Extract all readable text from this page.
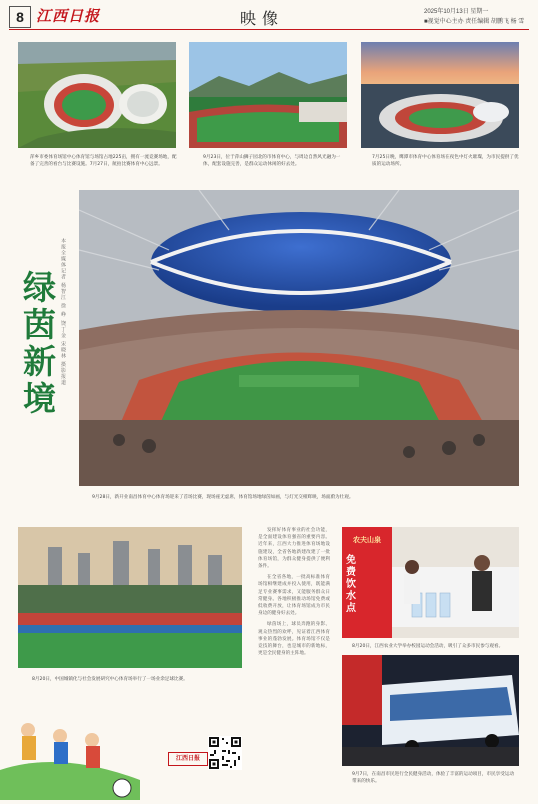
8 江西日报	映像	2025年10月13日 星期一
■视觉中心主办 责任编辑 胡鹏飞 杨 雪
萍乡市委体育场馆中心体育馆与场馆占地225亩，拥有一流竞赛场地，配备了完善的看台与比赛设施。7月27日，航拍比赛体育中心远景。
9月23日，位于萍山狮子园北的市体育中心，与周边自然风光融为一体，配套设施完善，是群众运动休闲的好去处。
7月25日晚，鹰潭市体育中心体育场在夜色中灯火璀璨，为市民提供了优质的运动场所。
绿茵新境 本报全媒体记者 杨智江 徐 峥 饶丁金 宋晓林 摄影报道
9月28日，新开业南昌体育中心体育场迎来了首场比赛，现场座无虚席，体育馆场地绿茵如画，与灯光交相辉映，场面蔚为壮观。
8月20日，中国城镇化与社会发展研究中心体育场举行了一场业余足球比赛。

发挥好体育事业的社会功能，是全面建设体育强省的重要内容。近年来，江西大力推进体育场地设施建设，全省各地新建改建了一批体育场馆，为群众健身提供了便利条件。

在全省各地，一批高标准体育场馆相继建成并投入使用，既能满足专业赛事需求，又能服务群众日常健身。各地积极推动场馆免费或低收费开放，让体育场馆成为市民身边的健身好去处。

绿茵场上，球员奔跑的身影、观众热烈的欢呼，见证着江西体育事业的蓬勃发展。体育场馆不仅是竞技的舞台，也是城市的新地标，更是全民健身的主阵地。

农夫山泉
免费饮水点
8月20日，江西农业大学举办校园运动会活动，吸引了众多市民参与观看。
9月7日，在南昌市民进行全民健身活动，体验了丰富的运动项目，市民享受运动带来的快乐。
江西日报
